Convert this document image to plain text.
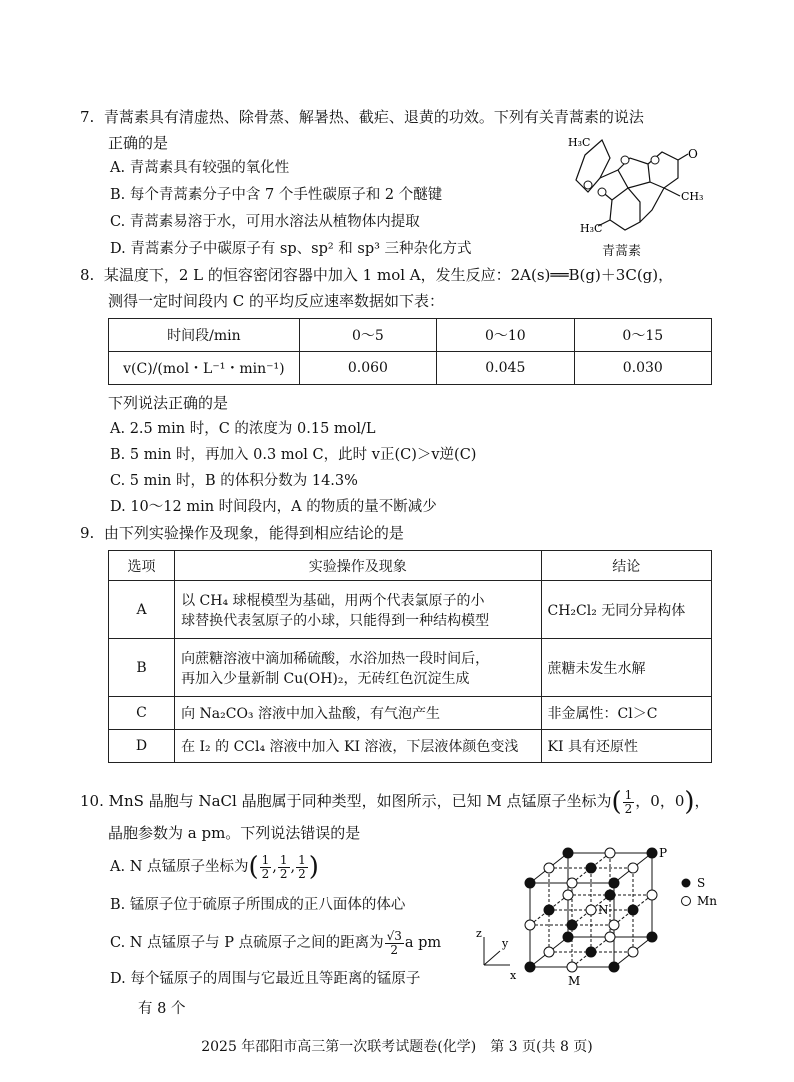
7. 青蒿素具有清虚热、除骨蒸、解暑热、截疟、退黄的功效。下列有关青蒿素的说法
正确的是
A. 青蒿素具有较强的氧化性
B. 每个青蒿素分子中含 7 个手性碳原子和 2 个醚键
C. 青蒿素易溶于水，可用水溶法从植物体内提取
D. 青蒿素分子中碳原子有 sp、sp² 和 sp³ 三种杂化方式
H₃C
CH₃
H₃C
O
青蒿素
8. 某温度下，2 L 的恒容密闭容器中加入 1 mol A，发生反应：2A(s)══B(g)＋3C(g)，
测得一定时间段内 C 的平均反应速率数据如下表：
时间段/min	0～5	0～10	0～15
v(C)/(mol・L⁻¹・min⁻¹)	0.060	0.045	0.030
下列说法正确的是
A. 2.5 min 时，C 的浓度为 0.15 mol/L
B. 5 min 时，再加入 0.3 mol C，此时 v正(C)＞v逆(C)
C. 5 min 时，B 的体积分数为 14.3%
D. 10～12 min 时间段内，A 的物质的量不断减少
9. 由下列实验操作及现象，能得到相应结论的是
选项	实验操作及现象	结论
A	以 CH₄ 球棍模型为基础，用两个代表氯原子的小
球替换代表氢原子的小球，只能得到一种结构模型	CH₂Cl₂ 无同分异构体
B	向蔗糖溶液中滴加稀硫酸，水浴加热一段时间后，
再加入少量新制 Cu(OH)₂，无砖红色沉淀生成	蔗糖未发生水解
C	向 Na₂CO₃ 溶液中加入盐酸，有气泡产生	非金属性：Cl＞C
D	在 I₂ 的 CCl₄ 溶液中加入 KI 溶液，下层液体颜色变浅	KI 具有还原性
10. MnS 晶胞与 NaCl 晶胞属于同种类型，如图所示，已知 M 点锰原子坐标为( $\frac{1}{2}$ ，0，0)，
晶胞参数为 a pm。下列说法错误的是
A. N 点锰原子坐标为( $\frac{1}{2}$ , $\frac{1}{2}$ , $\frac{1}{2}$ )
B. 锰原子位于硫原子所围成的正八面体的体心
C. N 点锰原子与 P 点硫原子之间的距离为 $\frac{√3}{2}$ a pm
D. 每个锰原子的周围与它最近且等距离的锰原子
有 8 个
P
N
M
x
z
y
S
Mn
2025 年邵阳市高三第一次联考试题卷(化学)　第 3 页(共 8 页)
